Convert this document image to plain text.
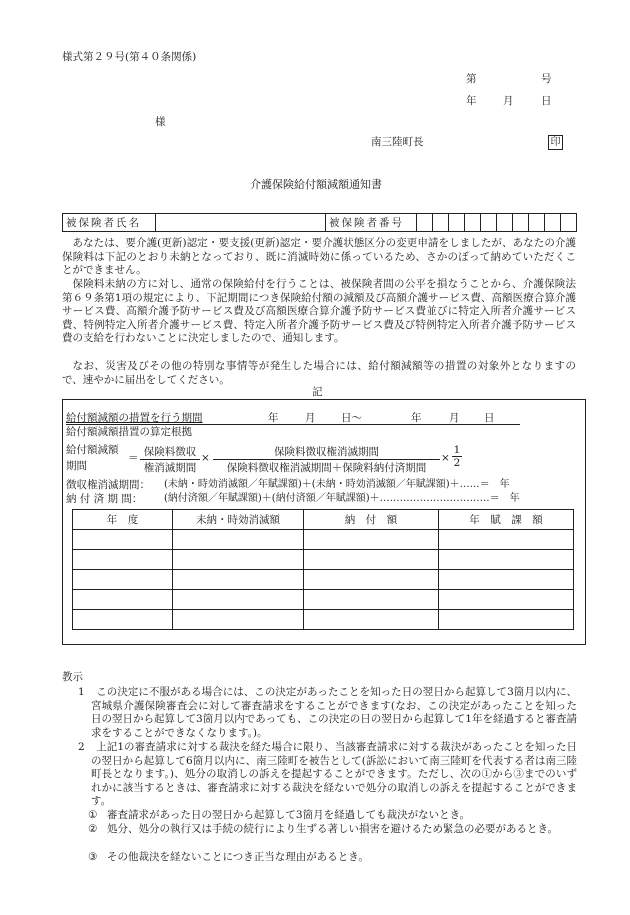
様式第２９号(第４０条関係)
第	号
年	月	日
様
南三陸町長	印
介護保険給付額減額通知書
被保険者氏名		被保険者番号										
あなたは、要介護(更新)認定・要支援(更新)認定・要介護状態区分の変更申請をしましたが、あなたの介護保険料は下記のとおり未納となっており、既に消滅時効に係っているため、さかのぼって納めていただくことができません。
保険料未納の方に対し、通常の保険給付を行うことは、被保険者間の公平を損なうことから、介護保険法第６９条第1項の規定により、下記期間につき保険給付額の減額及び高額介護サービス費、高額医療合算介護サービス費、高額介護予防サービス費及び高額医療合算介護予防サービス費並びに特定入所者介護サービス費、特例特定入所者介護サービス費、特定入所者介護予防サービス費及び特例特定入所者介護予防サービス費の支給を行わないことに決定しましたので、通知します。
なお、災害及びその他の特別な事情等が発生した場合には、給付額減額等の措置の対象外となりますので、速やかに届出をしてください。
記
給付額減額の措置を行う期間	年	月 日～	年	月 日
給付額減額措置の算定根拠
給付額減額
期間
＝ 保険料徴収
権消滅期間
×	保険料徴収権消滅期間
保険料徴収権消滅期間＋保険料納付済期間
× $\frac{1}{2}$
徴収権消滅期間： (未納・時効消滅額／年賦課額)＋(未納・時効消滅額／年賦課額)＋……＝　年
納 付 済 期 間： (納付済額／年賦課額)＋(納付済額／年賦課額)＋……………………………＝　年
年　度	未納・時効消滅額	納　付　額	年　賦　課　額

教示
1	この決定に不服がある場合には、この決定があったことを知った日の翌日から起算して3箇月以内に、宮城県介護保険審査会に対して審査請求をすることができます(なお、この決定があったことを知った日の翌日から起算して3箇月以内であっても、この決定の日の翌日から起算して1年を経過すると審査請求をすることができなくなります。)。
2	上記1の審査請求に対する裁決を経た場合に限り、当該審査請求に対する裁決があったことを知った日の翌日から起算して6箇月以内に、南三陸町を被告として(訴訟において南三陸町を代表する者は南三陸町長となります。)、処分の取消しの訴えを提起することができます。ただし、次の①から③までのいずれかに該当するときは、審査請求に対する裁決を経ないで処分の取消しの訴えを提起することができます。
① 審査請求があった日の翌日から起算して3箇月を経過しても裁決がないとき。
② 処分、処分の執行又は手続の続行により生ずる著しい損害を避けるため緊急の必要があるとき。
③ その他裁決を経ないことにつき正当な理由があるとき。
